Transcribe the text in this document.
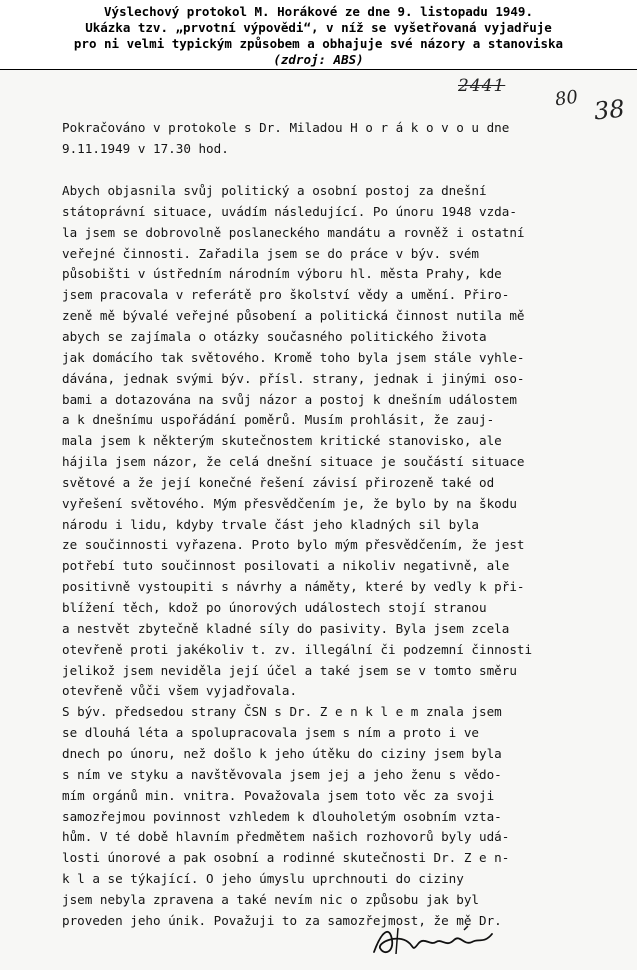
Výslechový protokol M. Horákové ze dne 9. listopadu 1949.
Ukázka tzv. „prvotní výpovědi“, v níž se vyšetřovaná vyjadřuje
pro ni velmi typickým způsobem a obhajuje své názory a stanoviska
(zdroj: ABS)
2441
80 38
Pokračováno v protokole s Dr. Miladou H o r á k o v o u dne
9.11.1949 v 17.30 hod.
Abych objasnila svůj politický a osobní postoj za dnešní
státoprávní situace, uvádím následující. Po únoru 1948 vzda-
la jsem se dobrovolně poslaneckého mandátu a rovněž i ostatní
veřejné činnosti. Zařadila jsem se do práce v býv. svém
působišti v ústředním národním výboru hl. města Prahy, kde
jsem pracovala v referátě pro školství vědy a umění. Přiro-
zeně mě bývalé veřejné působení a politická činnost nutila mě
abych se zajímala o otázky současného politického života
jak domácího tak světového. Kromě toho byla jsem stále vyhle-
dávána, jednak svými býv. přísl. strany, jednak i jinými oso-
bami a dotazována na svůj názor a postoj k dnešním událostem
a k dnešnímu uspořádání poměrů. Musím prohlásit, že zauj-
mala jsem k některým skutečnostem kritické stanovisko, ale
hájila jsem názor, že celá dnešní situace je součástí situace
světové a že její konečné řešení závisí přirozeně také od
vyřešení světového. Mým přesvědčením je, že bylo by na škodu
národu i lidu, kdyby trvale část jeho kladných sil byla
ze součinnosti vyřazena. Proto bylo mým přesvědčením, že jest
potřebí tuto součinnost posilovati a nikoliv negativně, ale
positivně vystoupiti s návrhy a náměty, které by vedly k při-
blížení těch, kdož po únorových událostech stojí stranou
a nestvět zbytečně kladné síly do pasivity. Byla jsem zcela
otevřeně proti jakékoliv t. zv. illegální či podzemní činnosti
jelikož jsem neviděla její účel a také jsem se v tomto směru
otevřeně vůči všem vyjadřovala.
S býv. předsedou strany ČSN s Dr. Z e n k l e m znala jsem
se dlouhá léta a spolupracovala jsem s ním a proto i ve
dnech po únoru, než došlo k jeho útěku do ciziny jsem byla
s ním ve styku a navštěvovala jsem jej a jeho ženu s vědo-
mím orgánů min. vnitra. Považovala jsem toto věc za svoji
samozřejmou povinnost vzhledem k dlouholetým osobním vzta-
hům. V té době hlavním předmětem našich rozhovorů byly udá-
losti únorové a pak osobní a rodinné skutečnosti Dr. Z e n-
k l a se týkající. O jeho úmyslu uprchnouti do ciziny
jsem nebyla zpravena a také nevím nic o způsobu jak byl
proveden jeho únik. Považuji to za samozřejmost, že mě Dr.
